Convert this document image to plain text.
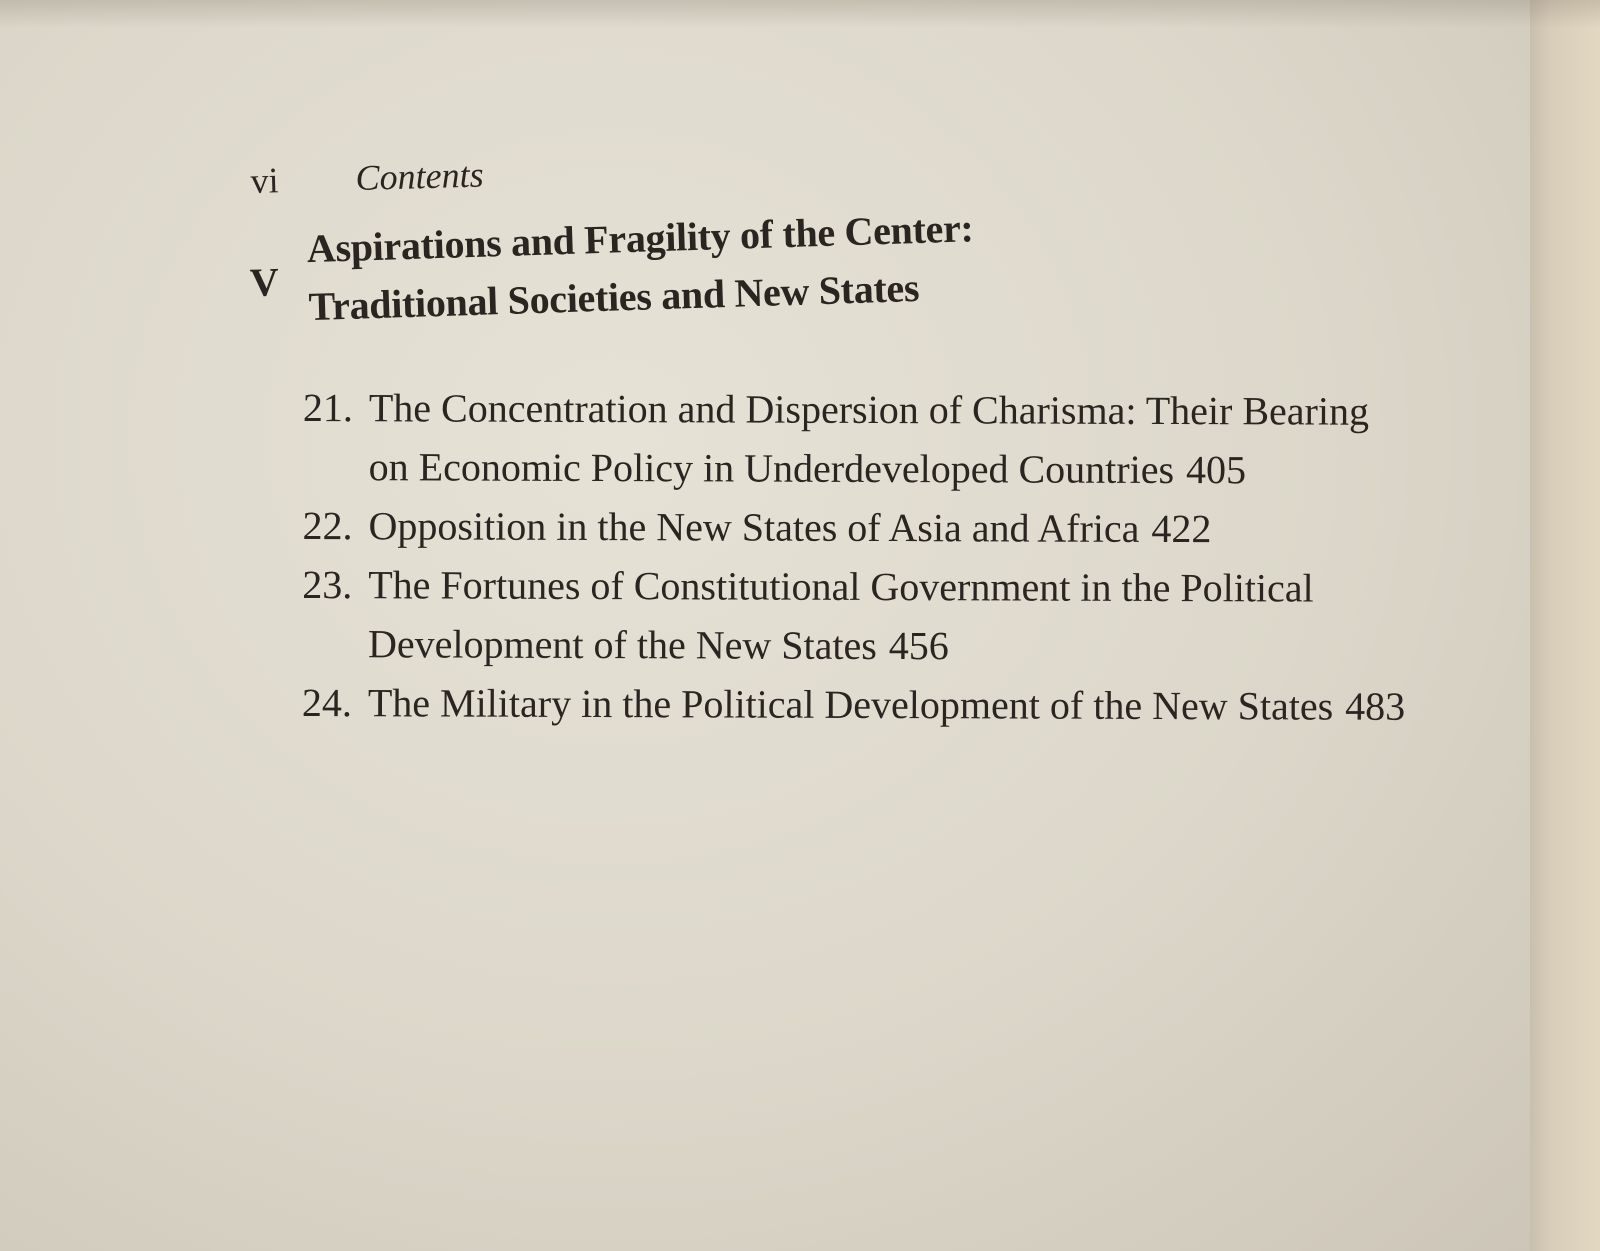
vi Contents
V
Aspirations and Fragility of the Center:
Traditional Societies and New States
21. The Concentration and Dispersion of Charisma: Their Bearing
on Economic Policy in Underdeveloped Countries 405
22. Opposition in the New States of Asia and Africa 422
23. The Fortunes of Constitutional Government in the Political
Development of the New States 456
24. The Military in the Political Development of the New States 483
